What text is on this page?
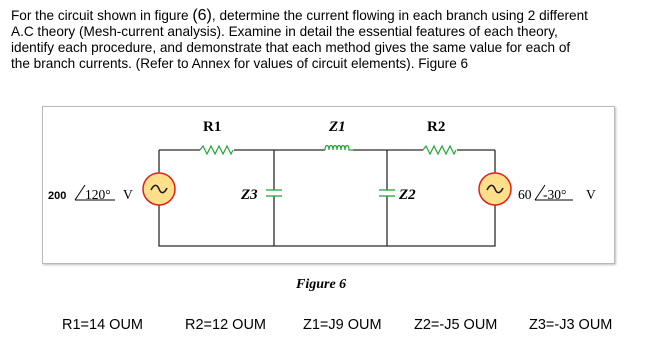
For the circuit shown in figure (6), determine the current flowing in each branch using 2 different
A.C theory (Mesh-current analysis). Examine in detail the essential features of each theory,
identify each procedure, and demonstrate that each method gives the same value for each of
the branch currents. (Refer to Annex for values of circuit elements). Figure 6
R1	Z1	R2
Z3	Z2
200 120° V	60 -30° V
Figure 6
R1=14 OUM	R2=12 OUM	Z1=J9 OUM Z2=-J5 OUM Z3=-J3 OUM
